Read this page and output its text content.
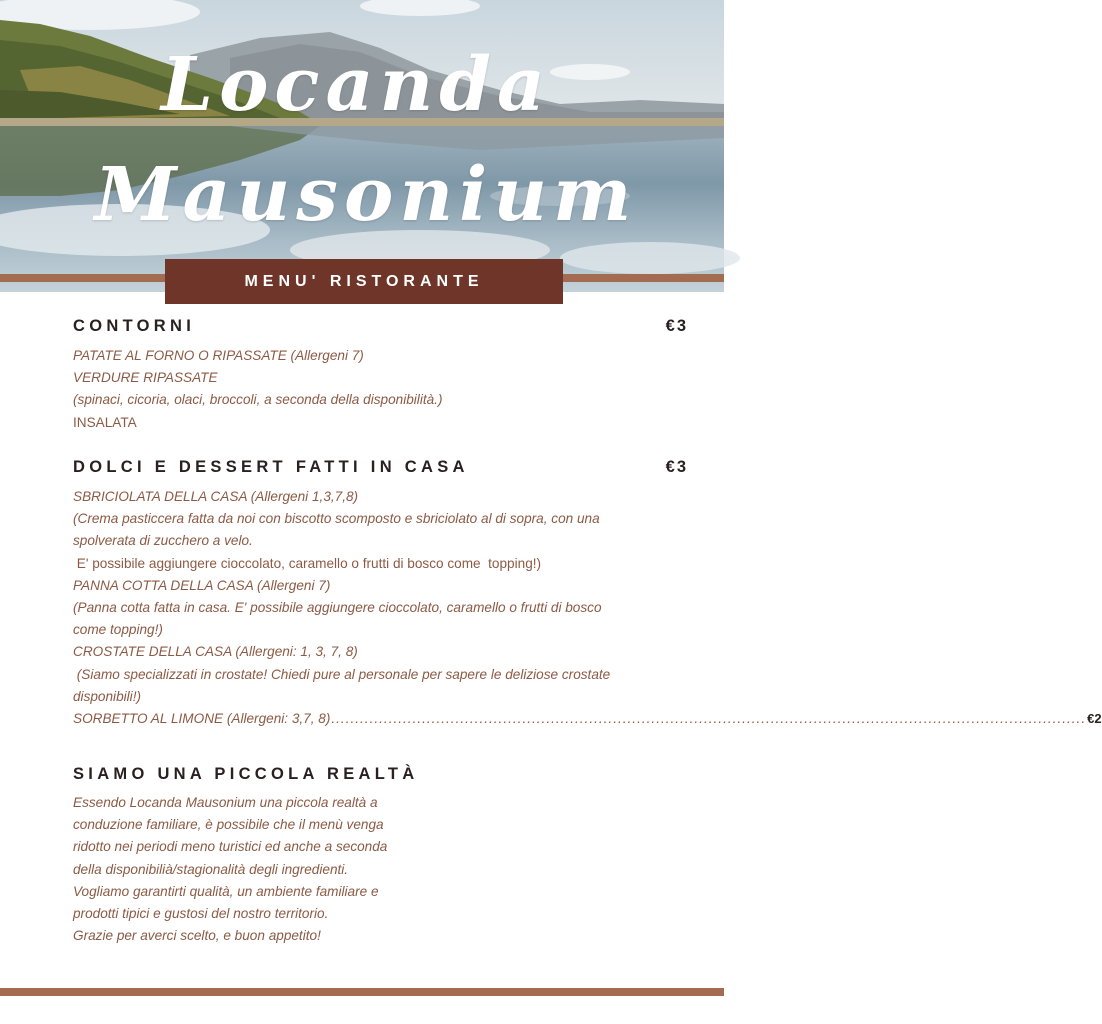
Locanda
Mausonium
MENU' RISTORANTE
CONTORNI	€3
PATATE AL FORNO O RIPASSATE (Allergeni 7)
VERDURE RIPASSATE
(spinaci, cicoria, olaci, broccoli, a seconda della disponibilità.)
INSALATA
DOLCI E DESSERT FATTI IN CASA	€3
SBRICIOLATA DELLA CASA (Allergeni 1,3,7,8)
(Crema pasticcera fatta da noi con biscotto scomposto e sbriciolato al di sopra, con una
spolverata di zucchero a velo.
E' possibile aggiungere cioccolato, caramello o frutti di bosco come  topping!)
PANNA COTTA DELLA CASA (Allergeni 7)
(Panna cotta fatta in casa. E' possibile aggiungere cioccolato, caramello o frutti di bosco
come topping!)
CROSTATE DELLA CASA (Allergeni: 1, 3, 7, 8)
(Siamo specializzati in crostate! Chiedi pure al personale per sapere le deliziose crostate
disponibili!)
SORBETTO AL LIMONE (Allergeni: 3,7, 8) .............................................................................................................................................................. €2
SIAMO UNA PICCOLA REALTÀ
Essendo Locanda Mausonium una piccola realtà a
conduzione familiare, è possibile che il menù venga
ridotto nei periodi meno turistici ed anche a seconda
della disponibilià/stagionalità degli ingredienti.
Vogliamo garantirti qualità, un ambiente familiare e
prodotti tipici e gustosi del nostro territorio.
Grazie per averci scelto, e buon appetito!
